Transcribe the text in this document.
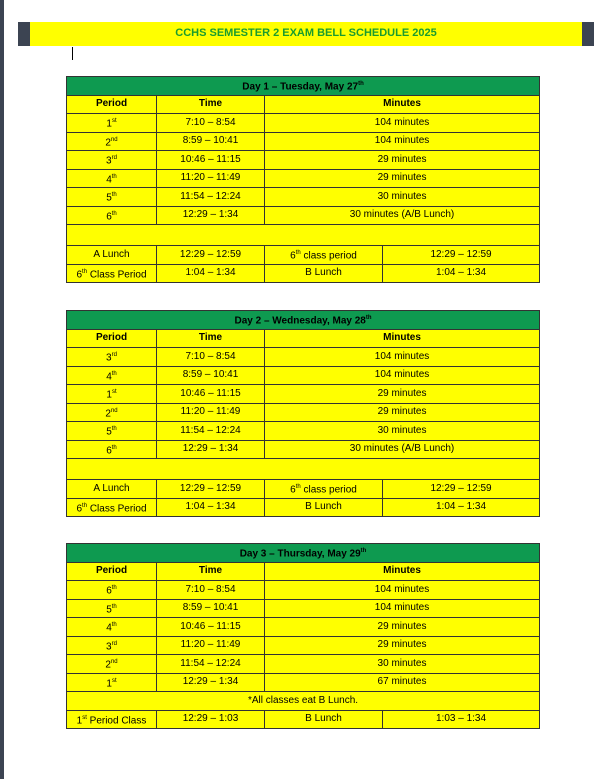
CCHS SEMESTER 2 EXAM BELL SCHEDULE 2025
Day 1 – Tuesday, May 27th
Period	Time	Minutes	
1st	7:10 – 8:54	104 minutes	
2nd	8:59 – 10:41	104 minutes	
3rd	10:46 – 11:15	29 minutes	
4th	11:20 – 11:49	29 minutes	
5th	11:54 – 12:24	30 minutes	
6th	12:29 – 1:34	30 minutes (A/B Lunch)	

A Lunch	12:29 – 12:59	6th class period	12:29 – 12:59
6th Class Period	1:04 – 1:34	B Lunch	1:04 – 1:34
Day 2 – Wednesday, May 28th
Period	Time	Minutes	
3rd	7:10 – 8:54	104 minutes	
4th	8:59 – 10:41	104 minutes	
1st	10:46 – 11:15	29 minutes	
2nd	11:20 – 11:49	29 minutes	
5th	11:54 – 12:24	30 minutes	
6th	12:29 – 1:34	30 minutes (A/B Lunch)	

A Lunch	12:29 – 12:59	6th class period	12:29 – 12:59
6th Class Period	1:04 – 1:34	B Lunch	1:04 – 1:34
Day 3 – Thursday, May 29th
Period	Time	Minutes	
6th	7:10 – 8:54	104 minutes	
5th	8:59 – 10:41	104 minutes	
4th	10:46 – 11:15	29 minutes	
3rd	11:20 – 11:49	29 minutes	
2nd	11:54 – 12:24	30 minutes	
1st	12:29 – 1:34	67 minutes	
*All classes eat B Lunch.			
1st Period Class	12:29 – 1:03	B Lunch	1:03 – 1:34
